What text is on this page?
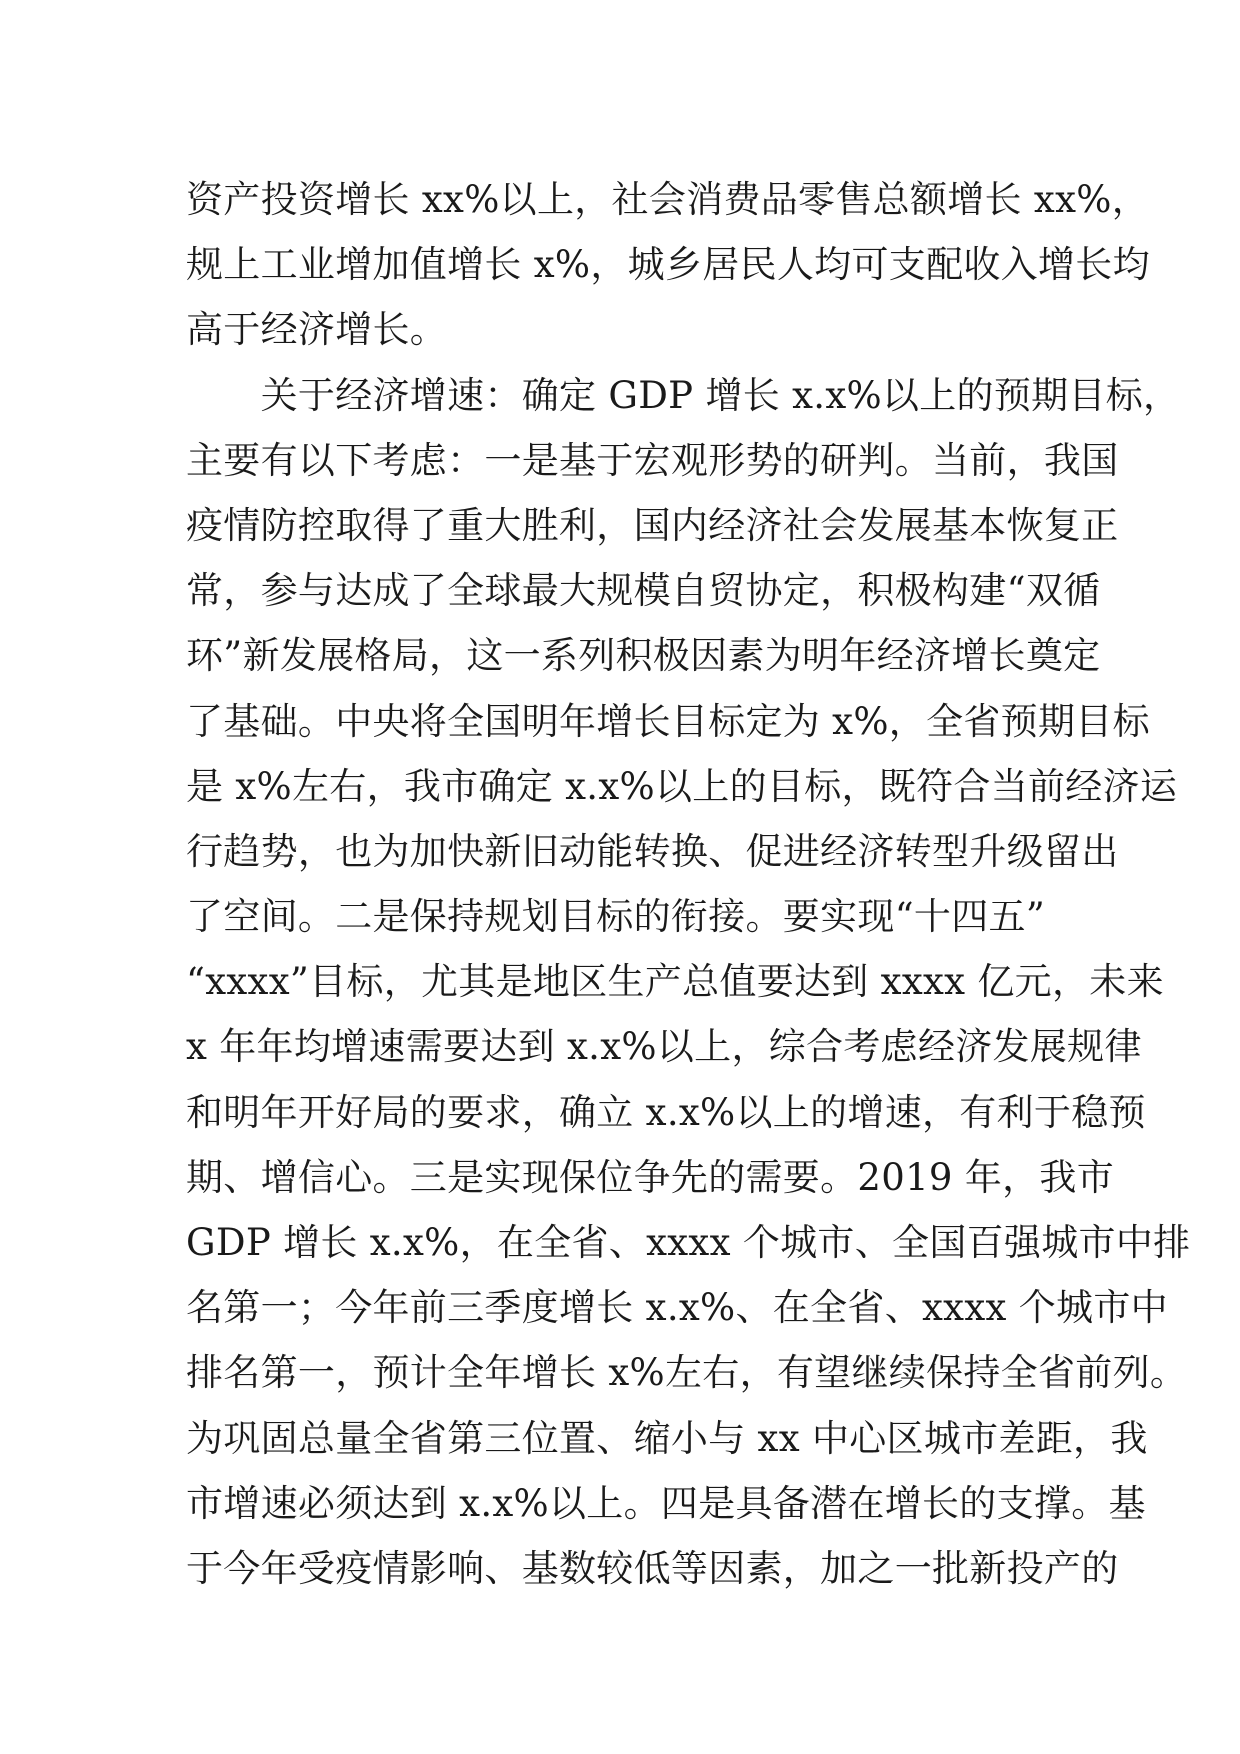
资产投资增长 xx%以上，社会消费品零售总额增长 xx%，
规上工业增加值增长 x%，城乡居民人均可支配收入增长均
高于经济增长。
　　关于经济增速：确定 GDP 增长 x.x%以上的预期目标，
主要有以下考虑：一是基于宏观形势的研判。当前，我国
疫情防控取得了重大胜利，国内经济社会发展基本恢复正
常，参与达成了全球最大规模自贸协定，积极构建“双循
环”新发展格局，这一系列积极因素为明年经济增长奠定
了基础。中央将全国明年增长目标定为 x%，全省预期目标
是 x%左右，我市确定 x.x%以上的目标，既符合当前经济运
行趋势，也为加快新旧动能转换、促进经济转型升级留出
了空间。二是保持规划目标的衔接。要实现“十四五”
“xxxx”目标，尤其是地区生产总值要达到 xxxx 亿元，未来
x 年年均增速需要达到 x.x%以上，综合考虑经济发展规律
和明年开好局的要求，确立 x.x%以上的增速，有利于稳预
期、增信心。三是实现保位争先的需要。2019 年，我市
GDP 增长 x.x%，在全省、xxxx 个城市、全国百强城市中排
名第一；今年前三季度增长 x.x%、在全省、xxxx 个城市中
排名第一，预计全年增长 x%左右，有望继续保持全省前列。
为巩固总量全省第三位置、缩小与 xx 中心区城市差距，我
市增速必须达到 x.x%以上。四是具备潜在增长的支撑。基
于今年受疫情影响、基数较低等因素，加之一批新投产的
